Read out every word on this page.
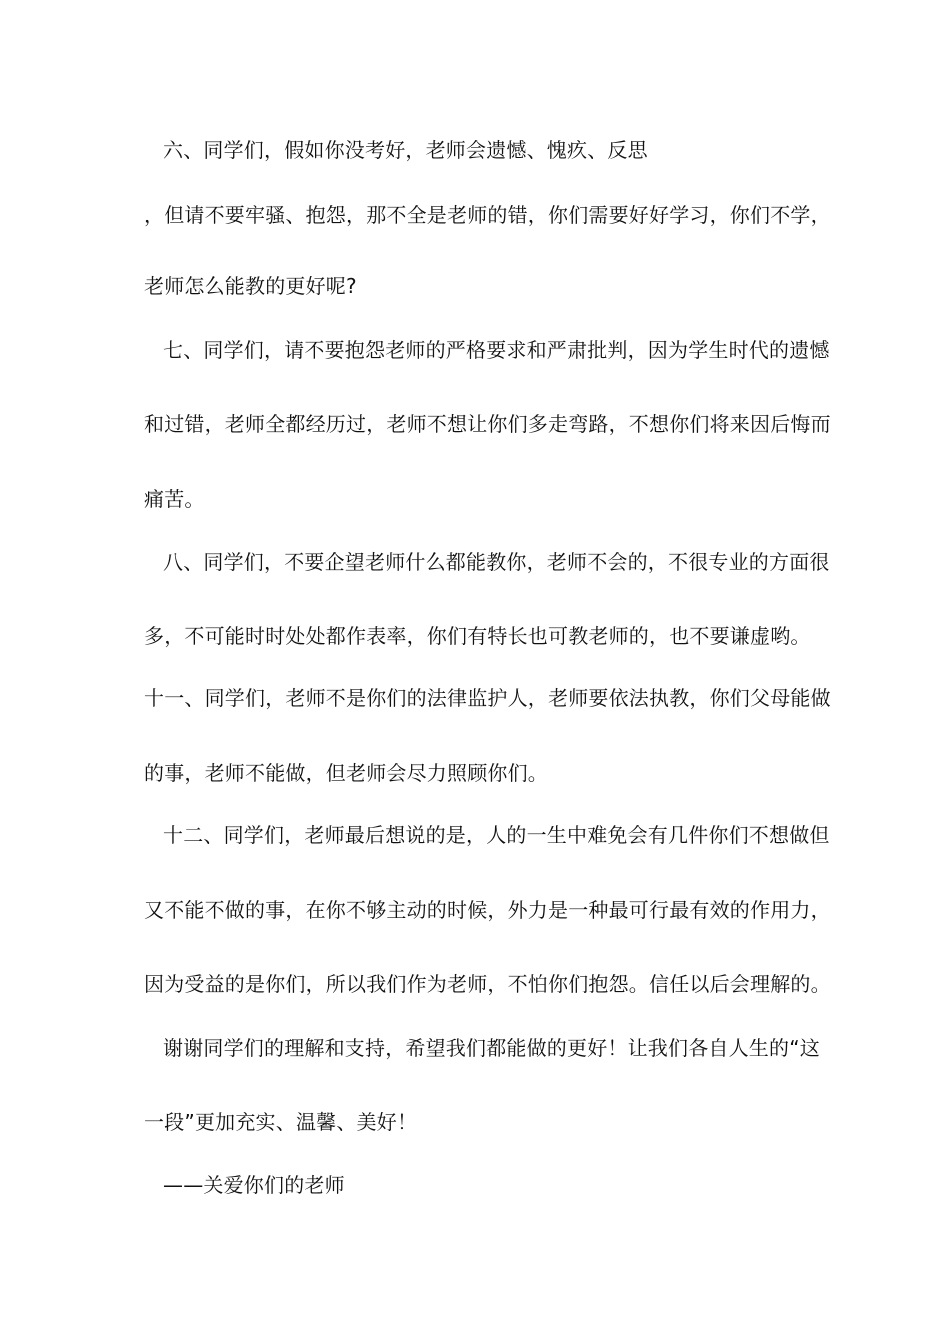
六、同学们，假如你没考好，老师会遗憾、愧疚、反思
，但请不要牢骚、抱怨，那不全是老师的错，你们需要好好学习，你们不学，
老师怎么能教的更好呢?
七、同学们，请不要抱怨老师的严格要求和严肃批判，因为学生时代的遗憾
和过错，老师全都经历过，老师不想让你们多走弯路，不想你们将来因后悔而
痛苦。
八、同学们，不要企望老师什么都能教你，老师不会的，不很专业的方面很
多，不可能时时处处都作表率，你们有特长也可教老师的，也不要谦虚哟。
十一、同学们，老师不是你们的法律监护人，老师要依法执教，你们父母能做
的事，老师不能做，但老师会尽力照顾你们。
十二、同学们，老师最后想说的是，人的一生中难免会有几件你们不想做但
又不能不做的事，在你不够主动的时候，外力是一种最可行最有效的作用力，
因为受益的是你们，所以我们作为老师，不怕你们抱怨。信任以后会理解的。
谢谢同学们的理解和支持，希望我们都能做的更好！让我们各自人生的“这
一段”更加充实、温馨、美好！
——关爱你们的老师
